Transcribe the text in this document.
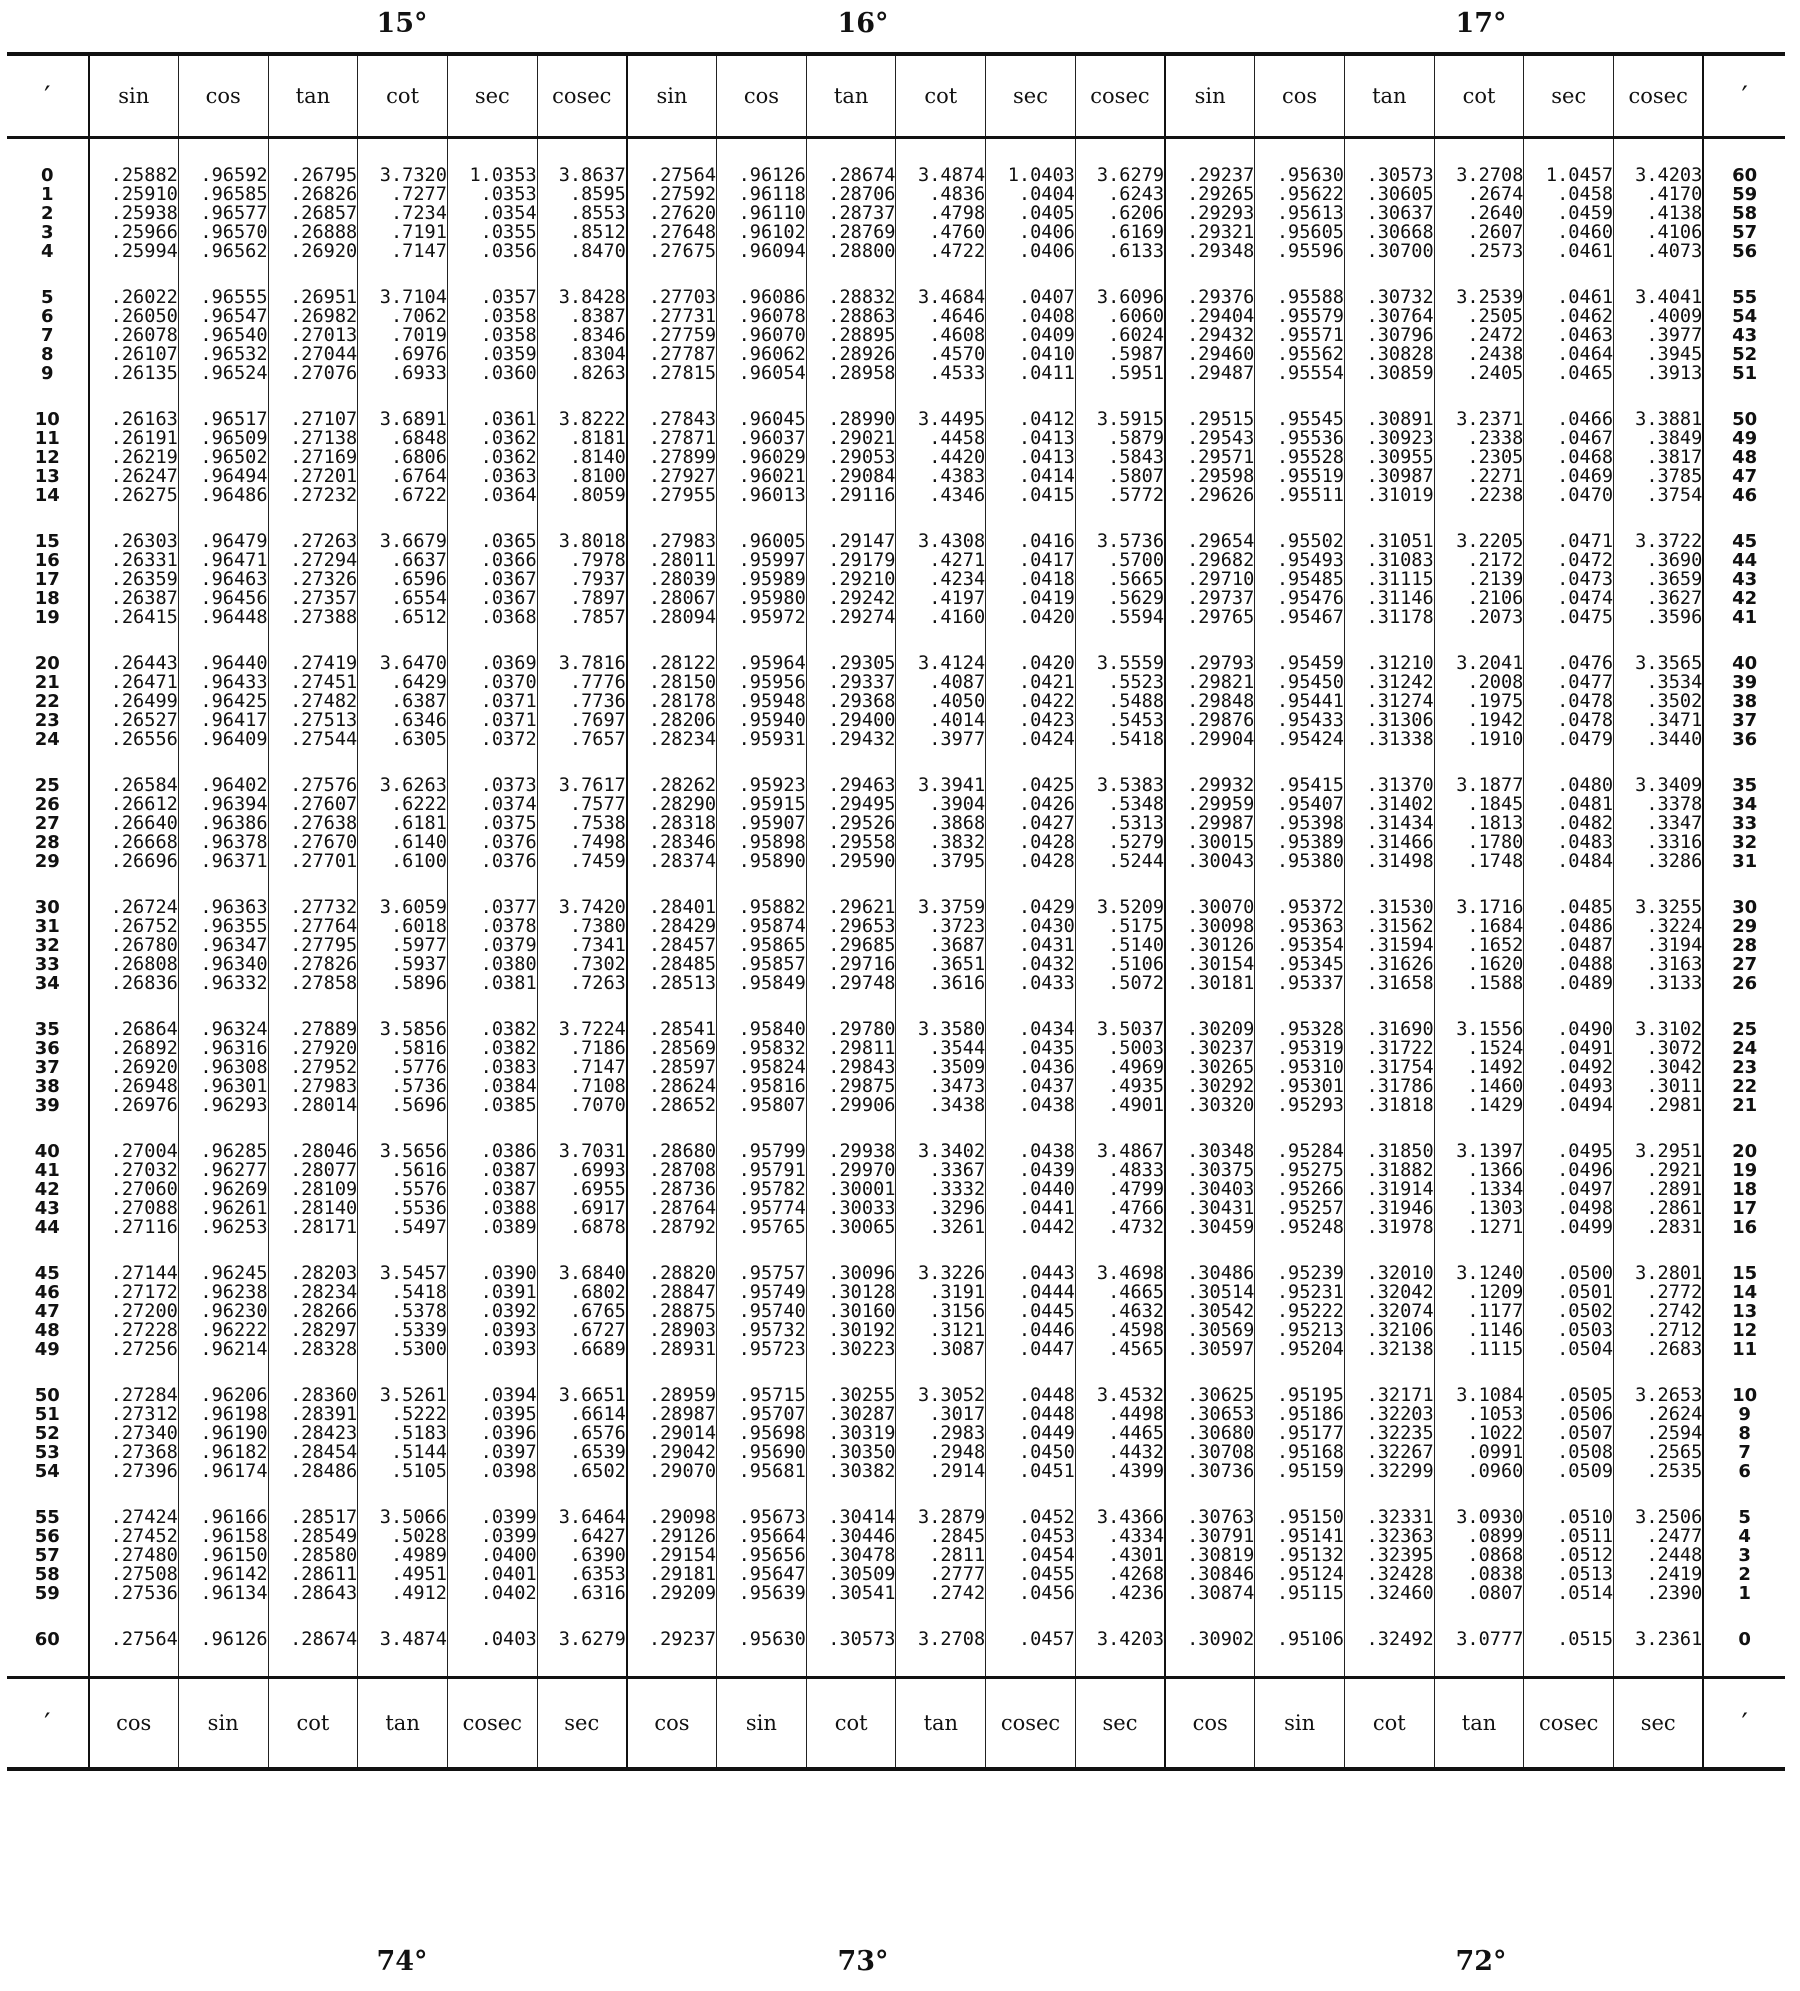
15°	16°	17°
′	sin	cos	tan	cot	sec	cosec	sin	cos	tan	cot	sec	cosec	sin	cos	tan	cot	sec	cosec	′

0	.25882	.96592	.26795	3.7320	1.0353	3.8637	.27564	.96126	.28674	3.4874	1.0403	3.6279	.29237	.95630	.30573	3.2708	1.0457	3.4203	60
1	.25910	.96585	.26826	.7277	.0353	.8595	.27592	.96118	.28706	.4836	.0404	.6243	.29265	.95622	.30605	.2674	.0458	.4170	59
2	.25938	.96577	.26857	.7234	.0354	.8553	.27620	.96110	.28737	.4798	.0405	.6206	.29293	.95613	.30637	.2640	.0459	.4138	58
3	.25966	.96570	.26888	.7191	.0355	.8512	.27648	.96102	.28769	.4760	.0406	.6169	.29321	.95605	.30668	.2607	.0460	.4106	57
4	.25994	.96562	.26920	.7147	.0356	.8470	.27675	.96094	.28800	.4722	.0406	.6133	.29348	.95596	.30700	.2573	.0461	.4073	56

5	.26022	.96555	.26951	3.7104	.0357	3.8428	.27703	.96086	.28832	3.4684	.0407	3.6096	.29376	.95588	.30732	3.2539	.0461	3.4041	55
6	.26050	.96547	.26982	.7062	.0358	.8387	.27731	.96078	.28863	.4646	.0408	.6060	.29404	.95579	.30764	.2505	.0462	.4009	54
7	.26078	.96540	.27013	.7019	.0358	.8346	.27759	.96070	.28895	.4608	.0409	.6024	.29432	.95571	.30796	.2472	.0463	.3977	43
8	.26107	.96532	.27044	.6976	.0359	.8304	.27787	.96062	.28926	.4570	.0410	.5987	.29460	.95562	.30828	.2438	.0464	.3945	52
9	.26135	.96524	.27076	.6933	.0360	.8263	.27815	.96054	.28958	.4533	.0411	.5951	.29487	.95554	.30859	.2405	.0465	.3913	51

10	.26163	.96517	.27107	3.6891	.0361	3.8222	.27843	.96045	.28990	3.4495	.0412	3.5915	.29515	.95545	.30891	3.2371	.0466	3.3881	50
11	.26191	.96509	.27138	.6848	.0362	.8181	.27871	.96037	.29021	.4458	.0413	.5879	.29543	.95536	.30923	.2338	.0467	.3849	49
12	.26219	.96502	.27169	.6806	.0362	.8140	.27899	.96029	.29053	.4420	.0413	.5843	.29571	.95528	.30955	.2305	.0468	.3817	48
13	.26247	.96494	.27201	.6764	.0363	.8100	.27927	.96021	.29084	.4383	.0414	.5807	.29598	.95519	.30987	.2271	.0469	.3785	47
14	.26275	.96486	.27232	.6722	.0364	.8059	.27955	.96013	.29116	.4346	.0415	.5772	.29626	.95511	.31019	.2238	.0470	.3754	46

15	.26303	.96479	.27263	3.6679	.0365	3.8018	.27983	.96005	.29147	3.4308	.0416	3.5736	.29654	.95502	.31051	3.2205	.0471	3.3722	45
16	.26331	.96471	.27294	.6637	.0366	.7978	.28011	.95997	.29179	.4271	.0417	.5700	.29682	.95493	.31083	.2172	.0472	.3690	44
17	.26359	.96463	.27326	.6596	.0367	.7937	.28039	.95989	.29210	.4234	.0418	.5665	.29710	.95485	.31115	.2139	.0473	.3659	43
18	.26387	.96456	.27357	.6554	.0367	.7897	.28067	.95980	.29242	.4197	.0419	.5629	.29737	.95476	.31146	.2106	.0474	.3627	42
19	.26415	.96448	.27388	.6512	.0368	.7857	.28094	.95972	.29274	.4160	.0420	.5594	.29765	.95467	.31178	.2073	.0475	.3596	41

20	.26443	.96440	.27419	3.6470	.0369	3.7816	.28122	.95964	.29305	3.4124	.0420	3.5559	.29793	.95459	.31210	3.2041	.0476	3.3565	40
21	.26471	.96433	.27451	.6429	.0370	.7776	.28150	.95956	.29337	.4087	.0421	.5523	.29821	.95450	.31242	.2008	.0477	.3534	39
22	.26499	.96425	.27482	.6387	.0371	.7736	.28178	.95948	.29368	.4050	.0422	.5488	.29848	.95441	.31274	.1975	.0478	.3502	38
23	.26527	.96417	.27513	.6346	.0371	.7697	.28206	.95940	.29400	.4014	.0423	.5453	.29876	.95433	.31306	.1942	.0478	.3471	37
24	.26556	.96409	.27544	.6305	.0372	.7657	.28234	.95931	.29432	.3977	.0424	.5418	.29904	.95424	.31338	.1910	.0479	.3440	36

25	.26584	.96402	.27576	3.6263	.0373	3.7617	.28262	.95923	.29463	3.3941	.0425	3.5383	.29932	.95415	.31370	3.1877	.0480	3.3409	35
26	.26612	.96394	.27607	.6222	.0374	.7577	.28290	.95915	.29495	.3904	.0426	.5348	.29959	.95407	.31402	.1845	.0481	.3378	34
27	.26640	.96386	.27638	.6181	.0375	.7538	.28318	.95907	.29526	.3868	.0427	.5313	.29987	.95398	.31434	.1813	.0482	.3347	33
28	.26668	.96378	.27670	.6140	.0376	.7498	.28346	.95898	.29558	.3832	.0428	.5279	.30015	.95389	.31466	.1780	.0483	.3316	32
29	.26696	.96371	.27701	.6100	.0376	.7459	.28374	.95890	.29590	.3795	.0428	.5244	.30043	.95380	.31498	.1748	.0484	.3286	31

30	.26724	.96363	.27732	3.6059	.0377	3.7420	.28401	.95882	.29621	3.3759	.0429	3.5209	.30070	.95372	.31530	3.1716	.0485	3.3255	30
31	.26752	.96355	.27764	.6018	.0378	.7380	.28429	.95874	.29653	.3723	.0430	.5175	.30098	.95363	.31562	.1684	.0486	.3224	29
32	.26780	.96347	.27795	.5977	.0379	.7341	.28457	.95865	.29685	.3687	.0431	.5140	.30126	.95354	.31594	.1652	.0487	.3194	28
33	.26808	.96340	.27826	.5937	.0380	.7302	.28485	.95857	.29716	.3651	.0432	.5106	.30154	.95345	.31626	.1620	.0488	.3163	27
34	.26836	.96332	.27858	.5896	.0381	.7263	.28513	.95849	.29748	.3616	.0433	.5072	.30181	.95337	.31658	.1588	.0489	.3133	26

35	.26864	.96324	.27889	3.5856	.0382	3.7224	.28541	.95840	.29780	3.3580	.0434	3.5037	.30209	.95328	.31690	3.1556	.0490	3.3102	25
36	.26892	.96316	.27920	.5816	.0382	.7186	.28569	.95832	.29811	.3544	.0435	.5003	.30237	.95319	.31722	.1524	.0491	.3072	24
37	.26920	.96308	.27952	.5776	.0383	.7147	.28597	.95824	.29843	.3509	.0436	.4969	.30265	.95310	.31754	.1492	.0492	.3042	23
38	.26948	.96301	.27983	.5736	.0384	.7108	.28624	.95816	.29875	.3473	.0437	.4935	.30292	.95301	.31786	.1460	.0493	.3011	22
39	.26976	.96293	.28014	.5696	.0385	.7070	.28652	.95807	.29906	.3438	.0438	.4901	.30320	.95293	.31818	.1429	.0494	.2981	21

40	.27004	.96285	.28046	3.5656	.0386	3.7031	.28680	.95799	.29938	3.3402	.0438	3.4867	.30348	.95284	.31850	3.1397	.0495	3.2951	20
41	.27032	.96277	.28077	.5616	.0387	.6993	.28708	.95791	.29970	.3367	.0439	.4833	.30375	.95275	.31882	.1366	.0496	.2921	19
42	.27060	.96269	.28109	.5576	.0387	.6955	.28736	.95782	.30001	.3332	.0440	.4799	.30403	.95266	.31914	.1334	.0497	.2891	18
43	.27088	.96261	.28140	.5536	.0388	.6917	.28764	.95774	.30033	.3296	.0441	.4766	.30431	.95257	.31946	.1303	.0498	.2861	17
44	.27116	.96253	.28171	.5497	.0389	.6878	.28792	.95765	.30065	.3261	.0442	.4732	.30459	.95248	.31978	.1271	.0499	.2831	16

45	.27144	.96245	.28203	3.5457	.0390	3.6840	.28820	.95757	.30096	3.3226	.0443	3.4698	.30486	.95239	.32010	3.1240	.0500	3.2801	15
46	.27172	.96238	.28234	.5418	.0391	.6802	.28847	.95749	.30128	.3191	.0444	.4665	.30514	.95231	.32042	.1209	.0501	.2772	14
47	.27200	.96230	.28266	.5378	.0392	.6765	.28875	.95740	.30160	.3156	.0445	.4632	.30542	.95222	.32074	.1177	.0502	.2742	13
48	.27228	.96222	.28297	.5339	.0393	.6727	.28903	.95732	.30192	.3121	.0446	.4598	.30569	.95213	.32106	.1146	.0503	.2712	12
49	.27256	.96214	.28328	.5300	.0393	.6689	.28931	.95723	.30223	.3087	.0447	.4565	.30597	.95204	.32138	.1115	.0504	.2683	11

50	.27284	.96206	.28360	3.5261	.0394	3.6651	.28959	.95715	.30255	3.3052	.0448	3.4532	.30625	.95195	.32171	3.1084	.0505	3.2653	10
51	.27312	.96198	.28391	.5222	.0395	.6614	.28987	.95707	.30287	.3017	.0448	.4498	.30653	.95186	.32203	.1053	.0506	.2624	9
52	.27340	.96190	.28423	.5183	.0396	.6576	.29014	.95698	.30319	.2983	.0449	.4465	.30680	.95177	.32235	.1022	.0507	.2594	8
53	.27368	.96182	.28454	.5144	.0397	.6539	.29042	.95690	.30350	.2948	.0450	.4432	.30708	.95168	.32267	.0991	.0508	.2565	7
54	.27396	.96174	.28486	.5105	.0398	.6502	.29070	.95681	.30382	.2914	.0451	.4399	.30736	.95159	.32299	.0960	.0509	.2535	6

55	.27424	.96166	.28517	3.5066	.0399	3.6464	.29098	.95673	.30414	3.2879	.0452	3.4366	.30763	.95150	.32331	3.0930	.0510	3.2506	5
56	.27452	.96158	.28549	.5028	.0399	.6427	.29126	.95664	.30446	.2845	.0453	.4334	.30791	.95141	.32363	.0899	.0511	.2477	4
57	.27480	.96150	.28580	.4989	.0400	.6390	.29154	.95656	.30478	.2811	.0454	.4301	.30819	.95132	.32395	.0868	.0512	.2448	3
58	.27508	.96142	.28611	.4951	.0401	.6353	.29181	.95647	.30509	.2777	.0455	.4268	.30846	.95124	.32428	.0838	.0513	.2419	2
59	.27536	.96134	.28643	.4912	.0402	.6316	.29209	.95639	.30541	.2742	.0456	.4236	.30874	.95115	.32460	.0807	.0514	.2390	1

60	.27564	.96126	.28674	3.4874	.0403	3.6279	.29237	.95630	.30573	3.2708	.0457	3.4203	.30902	.95106	.32492	3.0777	.0515	3.2361	0

′	cos	sin	cot	tan	cosec	sec	cos	sin	cot	tan	cosec	sec	cos	sin	cot	tan	cosec	sec	′
74°	73°	72°
